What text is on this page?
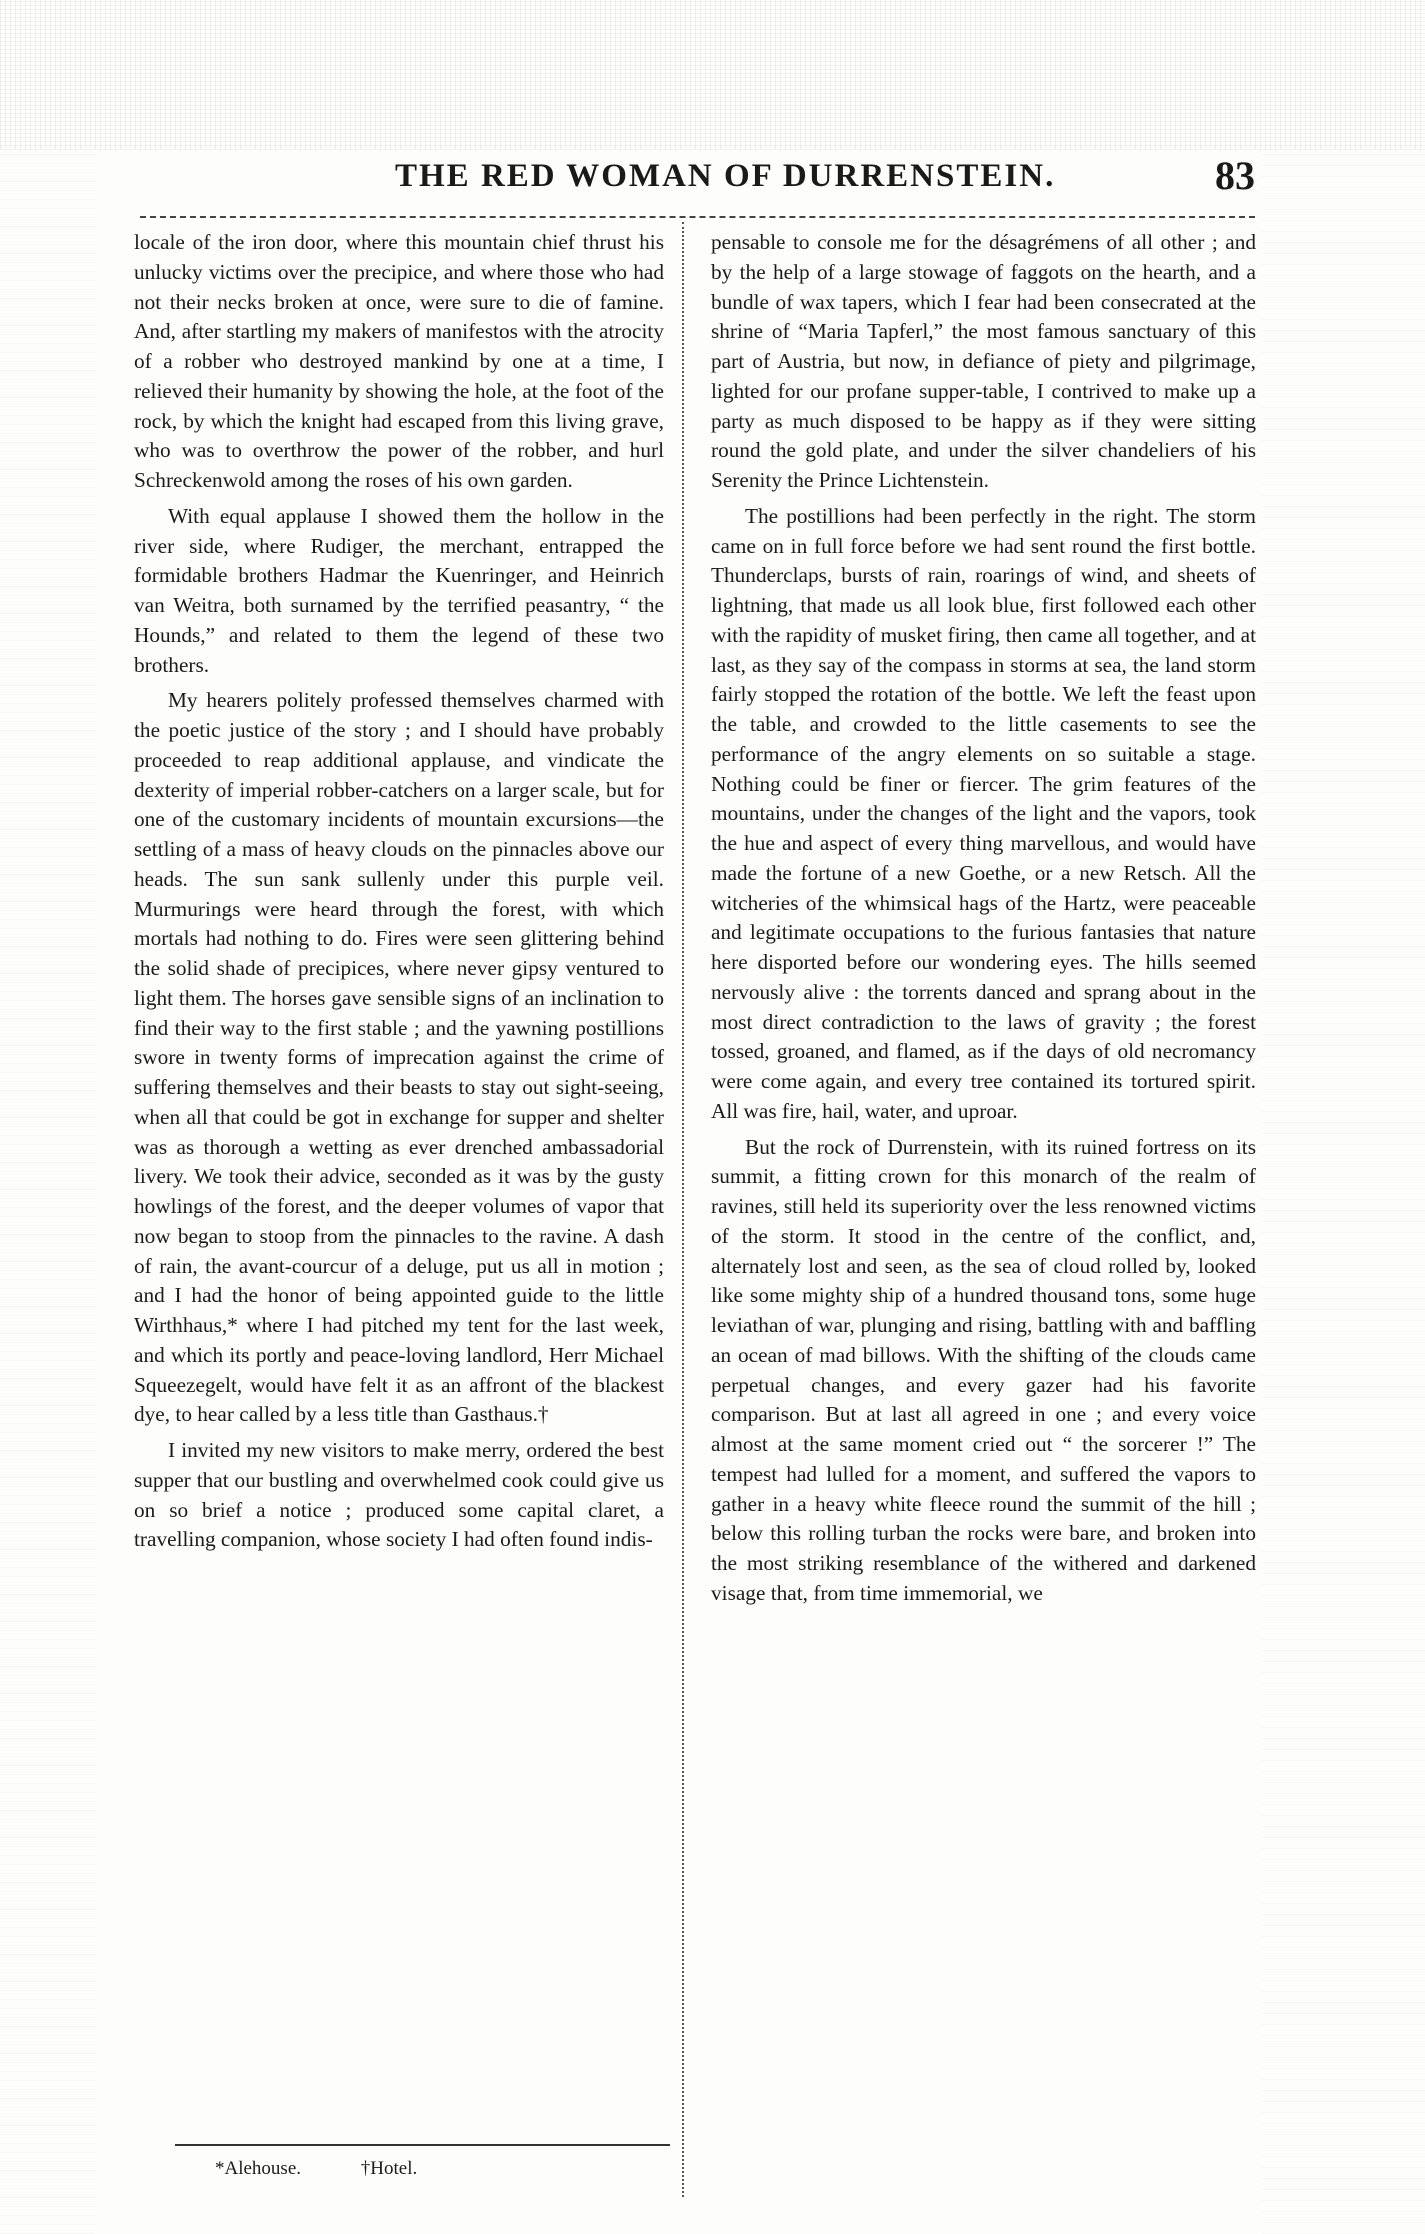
THE RED WOMAN OF DURRENSTEIN.	83

locale of the iron door, where this mountain chief thrust his unlucky victims over the precipice, and where those who had not their necks broken at once, were sure to die of famine. And, after startling my makers of manifestos with the atrocity of a robber who destroyed mankind by one at a time, I relieved their humanity by showing the hole, at the foot of the rock, by which the knight had escaped from this living grave, who was to overthrow the power of the robber, and hurl Schreckenwold among the roses of his own garden.

With equal applause I showed them the hollow in the river side, where Rudiger, the merchant, entrapped the formidable brothers Hadmar the Kuenringer, and Heinrich van Weitra, both surnamed by the terrified peasantry, “ the Hounds,” and related to them the legend of these two brothers.

My hearers politely professed themselves charmed with the poetic justice of the story ; and I should have probably proceeded to reap additional applause, and vindicate the dexterity of imperial robber-catchers on a larger scale, but for one of the customary incidents of mountain excursions—the settling of a mass of heavy clouds on the pinnacles above our heads. The sun sank sullenly under this purple veil. Murmurings were heard through the forest, with which mortals had nothing to do. Fires were seen glittering behind the solid shade of precipices, where never gipsy ventured to light them. The horses gave sensible signs of an inclination to find their way to the first stable ; and the yawning postillions swore in twenty forms of imprecation against the crime of suffering themselves and their beasts to stay out sight-seeing, when all that could be got in exchange for supper and shelter was as thorough a wetting as ever drenched ambassadorial livery. We took their advice, seconded as it was by the gusty howlings of the forest, and the deeper volumes of vapor that now began to stoop from the pinnacles to the ravine. A dash of rain, the avant-courcur of a deluge, put us all in motion ; and I had the honor of being appointed guide to the little Wirthhaus,* where I had pitched my tent for the last week, and which its portly and peace-loving landlord, Herr Michael Squeezegelt, would have felt it as an affront of the blackest dye, to hear called by a less title than Gasthaus.†

I invited my new visitors to make merry, ordered the best supper that our bustling and overwhelmed cook could give us on so brief a notice ; produced some capital claret, a travelling companion, whose society I had often found indis-

pensable to console me for the désagrémens of all other ; and by the help of a large stowage of faggots on the hearth, and a bundle of wax tapers, which I fear had been consecrated at the shrine of “Maria Tapferl,” the most famous sanctuary of this part of Austria, but now, in defiance of piety and pilgrimage, lighted for our profane supper-table, I contrived to make up a party as much disposed to be happy as if they were sitting round the gold plate, and under the silver chandeliers of his Serenity the Prince Lichtenstein.

The postillions had been perfectly in the right. The storm came on in full force before we had sent round the first bottle. Thunderclaps, bursts of rain, roarings of wind, and sheets of lightning, that made us all look blue, first followed each other with the rapidity of musket firing, then came all together, and at last, as they say of the compass in storms at sea, the land storm fairly stopped the rotation of the bottle. We left the feast upon the table, and crowded to the little casements to see the performance of the angry elements on so suitable a stage. Nothing could be finer or fiercer. The grim features of the mountains, under the changes of the light and the vapors, took the hue and aspect of every thing marvellous, and would have made the fortune of a new Goethe, or a new Retsch. All the witcheries of the whimsical hags of the Hartz, were peaceable and legitimate occupations to the furious fantasies that nature here disported before our wondering eyes. The hills seemed nervously alive : the torrents danced and sprang about in the most direct contradiction to the laws of gravity ; the forest tossed, groaned, and flamed, as if the days of old necromancy were come again, and every tree contained its tortured spirit. All was fire, hail, water, and uproar.

But the rock of Durrenstein, with its ruined fortress on its summit, a fitting crown for this monarch of the realm of ravines, still held its superiority over the less renowned victims of the storm. It stood in the centre of the conflict, and, alternately lost and seen, as the sea of cloud rolled by, looked like some mighty ship of a hundred thousand tons, some huge leviathan of war, plunging and rising, battling with and baffling an ocean of mad billows. With the shifting of the clouds came perpetual changes, and every gazer had his favorite comparison. But at last all agreed in one ; and every voice almost at the same moment cried out “ the sorcerer !” The tempest had lulled for a moment, and suffered the vapors to gather in a heavy white fleece round the summit of the hill ; below this rolling turban the rocks were bare, and broken into the most striking resemblance of the withered and darkened visage that, from time immemorial, we

*Alehouse.	†Hotel.
